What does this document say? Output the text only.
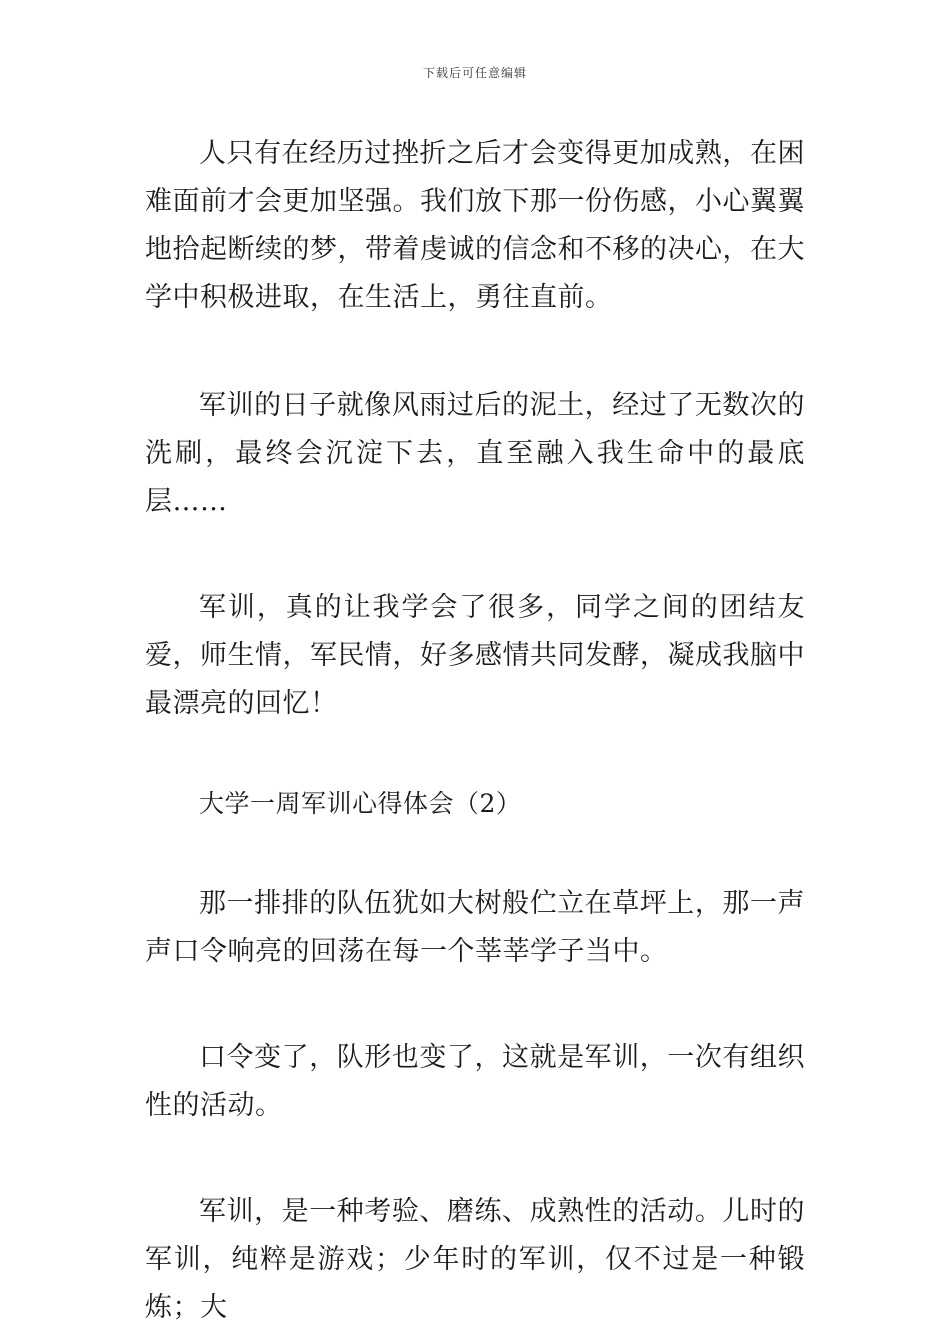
下载后可任意编辑

人只有在经历过挫折之后才会变得更加成熟，在困难面前才会更加坚强。我们放下那一份伤感，小心翼翼地拾起断续的梦，带着虔诚的信念和不移的决心，在大学中积极进取，在生活上，勇往直前。

军训的日子就像风雨过后的泥土，经过了无数次的洗刷，最终会沉淀下去，直至融入我生命中的最底层……

军训，真的让我学会了很多，同学之间的团结友爱，师生情，军民情，好多感情共同发酵，凝成我脑中最漂亮的回忆！

大学一周军训心得体会（2）

那一排排的队伍犹如大树般伫立在草坪上，那一声声口令响亮的回荡在每一个莘莘学子当中。

口令变了，队形也变了，这就是军训，一次有组织性的活动。

军训，是一种考验、磨练、成熟性的活动。儿时的军训，纯粹是游戏；少年时的军训，仅不过是一种锻炼；大
